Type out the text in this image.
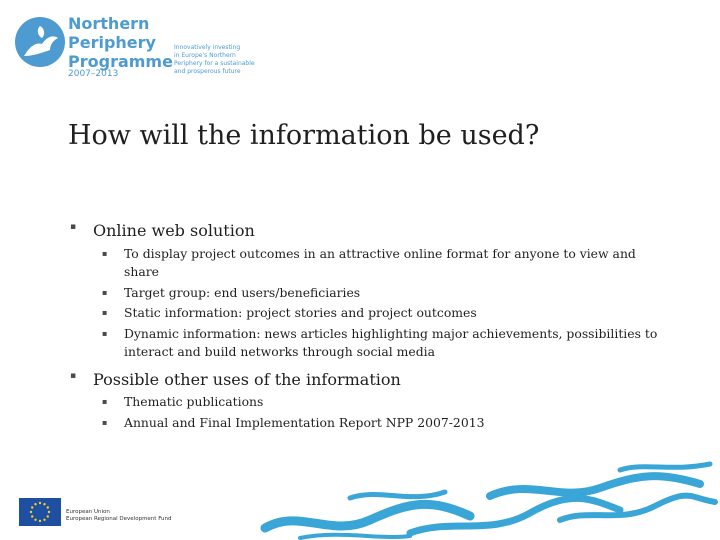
Northern
Periphery
Programme
2007–2013
Innovatively investing
in Europe's Northern
Periphery for a sustainable
and prosperous future
How will the information be used?
▪ Online web solution
▪ To display project outcomes in an attractive online format for anyone to view and share
▪ Target group: end users/beneficiaries
▪ Static information: project stories and project outcomes
▪ Dynamic information: news articles highlighting major achievements, possibilities to interact and build networks through social media
▪ Possible other uses of the information
▪ Thematic publications
▪ Annual and Final Implementation Report NPP 2007-2013
European Union
European Regional Development Fund
